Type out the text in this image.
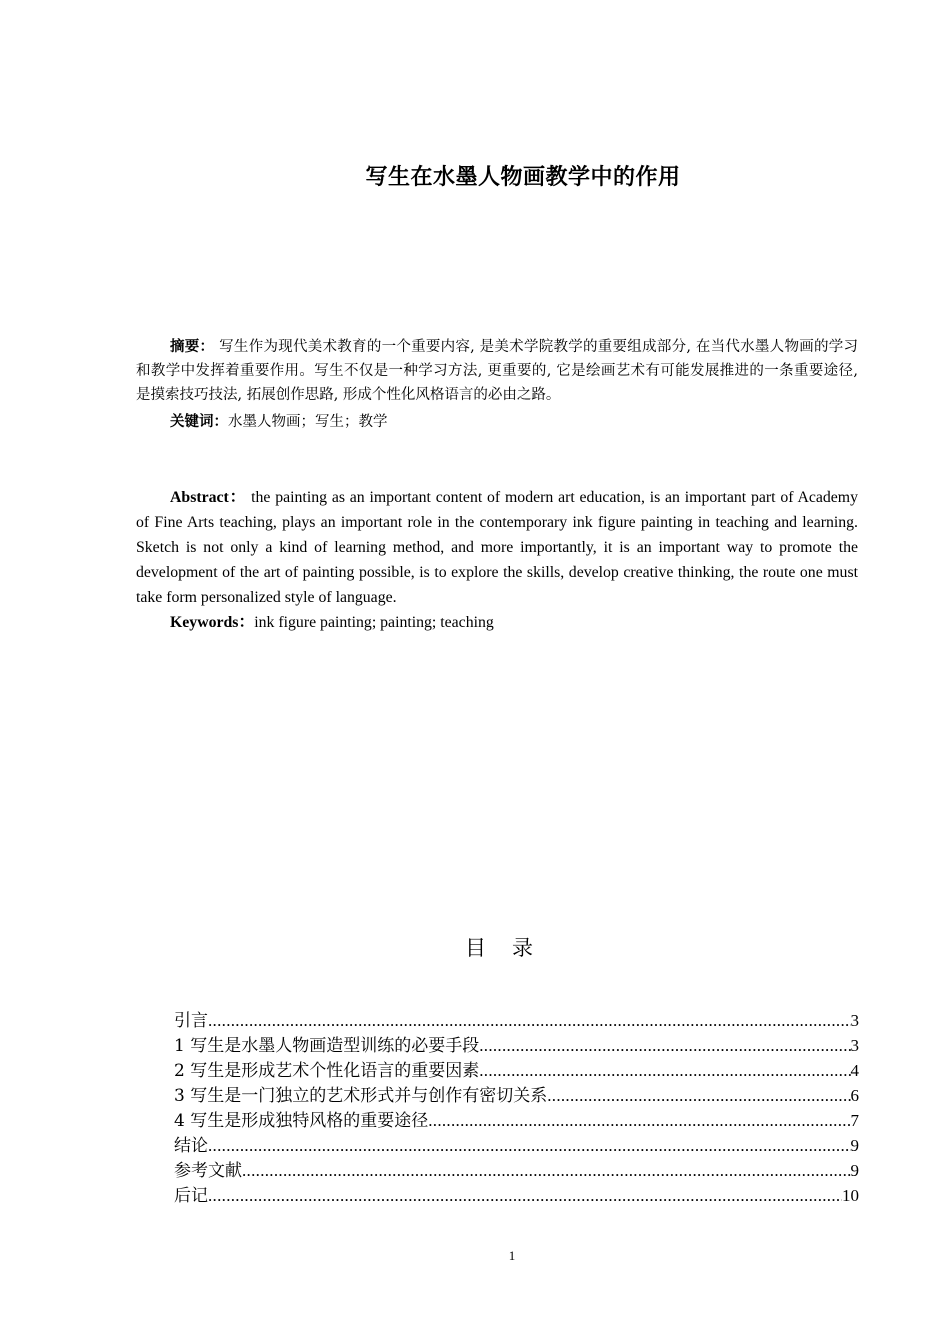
写生在水墨人物画教学中的作用

摘要： 写生作为现代美术教育的一个重要内容, 是美术学院教学的重要组成部分, 在当代水墨人物画的学习和教学中发挥着重要作用。写生不仅是一种学习方法, 更重要的, 它是绘画艺术有可能发展推进的一条重要途径, 是摸索技巧技法, 拓展创作思路, 形成个性化风格语言的必由之路。

关键词：水墨人物画；写生；教学

Abstract： the painting as an important content of modern art education, is an important part of Academy of Fine Arts teaching, plays an important role in the contemporary ink figure painting in teaching and learning. Sketch is not only a kind of learning method, and more importantly, it is an important way to promote the development of the art of painting possible, is to explore the skills, develop creative thinking, the route one must take form personalized style of language.

Keywords：ink figure painting; painting; teaching

目 录
引言 .....	3
1 写生是水墨人物画造型训练的必要手段 .....	3
2 写生是形成艺术个性化语言的重要因素 .....	4
3 写生是一门独立的艺术形式并与创作有密切关系 .....	6
4 写生是形成独特风格的重要途径 .....	7
结论 .....	9
参考文献 .....	9
后记 .....	10
1
